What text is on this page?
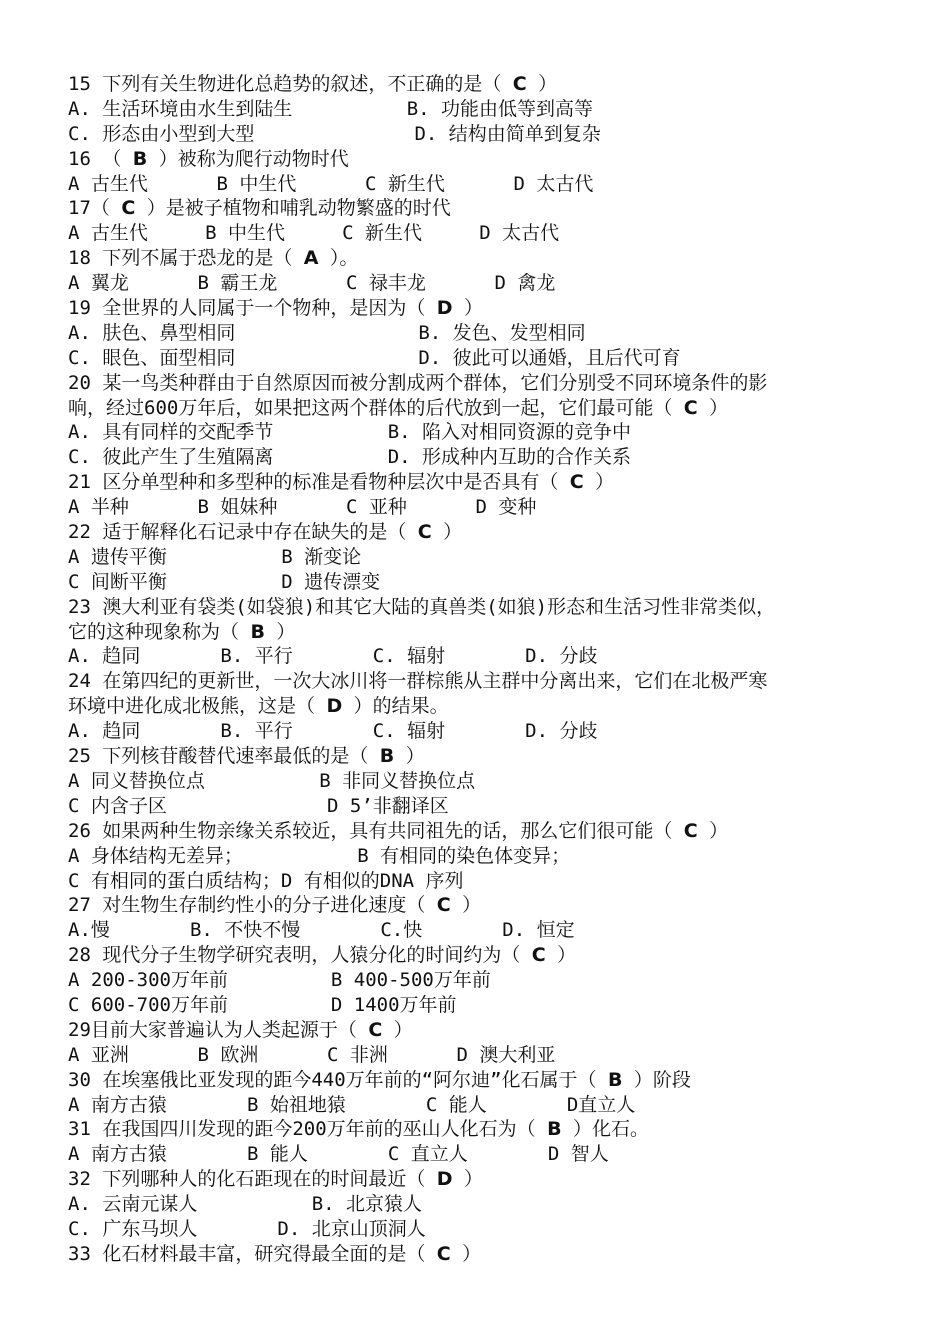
15 下列有关生物进化总趋势的叙述，不正确的是（ C ）
A. 生活环境由水生到陆生          B. 功能由低等到高等
C. 形态由小型到大型              D. 结构由简单到复杂
16 （ B ）被称为爬行动物时代
A 古生代      B 中生代      C 新生代      D 太古代
17（ C ）是被子植物和哺乳动物繁盛的时代
A 古生代     B 中生代     C 新生代     D 太古代
18 下列不属于恐龙的是（ A ）。
A 翼龙      B 霸王龙      C 禄丰龙      D 禽龙
19 全世界的人同属于一个物种，是因为（ D ）
A. 肤色、鼻型相同                B. 发色、发型相同
C. 眼色、面型相同                D. 彼此可以通婚，且后代可育
20 某一鸟类种群由于自然原因而被分割成两个群体，它们分别受不同环境条件的影
响，经过600万年后，如果把这两个群体的后代放到一起，它们最可能（ C ）
A. 具有同样的交配季节          B. 陷入对相同资源的竞争中
C. 彼此产生了生殖隔离          D. 形成种内互助的合作关系
21 区分单型种和多型种的标准是看物种层次中是否具有（ C ）
A 半种      B 姐妹种      C 亚种      D 变种
22 适于解释化石记录中存在缺失的是（ C ）
A 遗传平衡          B 渐变论
C 间断平衡          D 遗传漂变
23 澳大利亚有袋类(如袋狼)和其它大陆的真兽类(如狼)形态和生活习性非常类似，
它的这种现象称为（ B ）
A. 趋同       B. 平行       C. 辐射       D. 分歧
24 在第四纪的更新世，一次大冰川将一群棕熊从主群中分离出来，它们在北极严寒
环境中进化成北极熊，这是（ D ）的结果。
A. 趋同       B. 平行       C. 辐射       D. 分歧
25 下列核苷酸替代速率最低的是（ B ）
A 同义替换位点          B 非同义替换位点
C 内含子区              D 5’非翻译区
26 如果两种生物亲缘关系较近，具有共同祖先的话，那么它们很可能（ C ）
A 身体结构无差异；          B 有相同的染色体变异；
C 有相同的蛋白质结构；D 有相似的DNA 序列
27 对生物生存制约性小的分子进化速度（ C ）
A.慢       B. 不快不慢       C.快       D. 恒定
28 现代分子生物学研究表明，人猿分化的时间约为（ C ）
A 200-300万年前         B 400-500万年前
C 600-700万年前         D 1400万年前
29目前大家普遍认为人类起源于（ C ）
A 亚洲      B 欧洲      C 非洲      D 澳大利亚
30 在埃塞俄比亚发现的距今440万年前的“阿尔迪”化石属于（ B ）阶段
A 南方古猿       B 始祖地猿       C 能人       D直立人
31 在我国四川发现的距今200万年前的巫山人化石为（ B ）化石。
A 南方古猿       B 能人       C 直立人       D 智人
32 下列哪种人的化石距现在的时间最近（ D ）
A. 云南元谋人          B. 北京猿人
C. 广东马坝人       D. 北京山顶洞人
33 化石材料最丰富，研究得最全面的是（ C ）
